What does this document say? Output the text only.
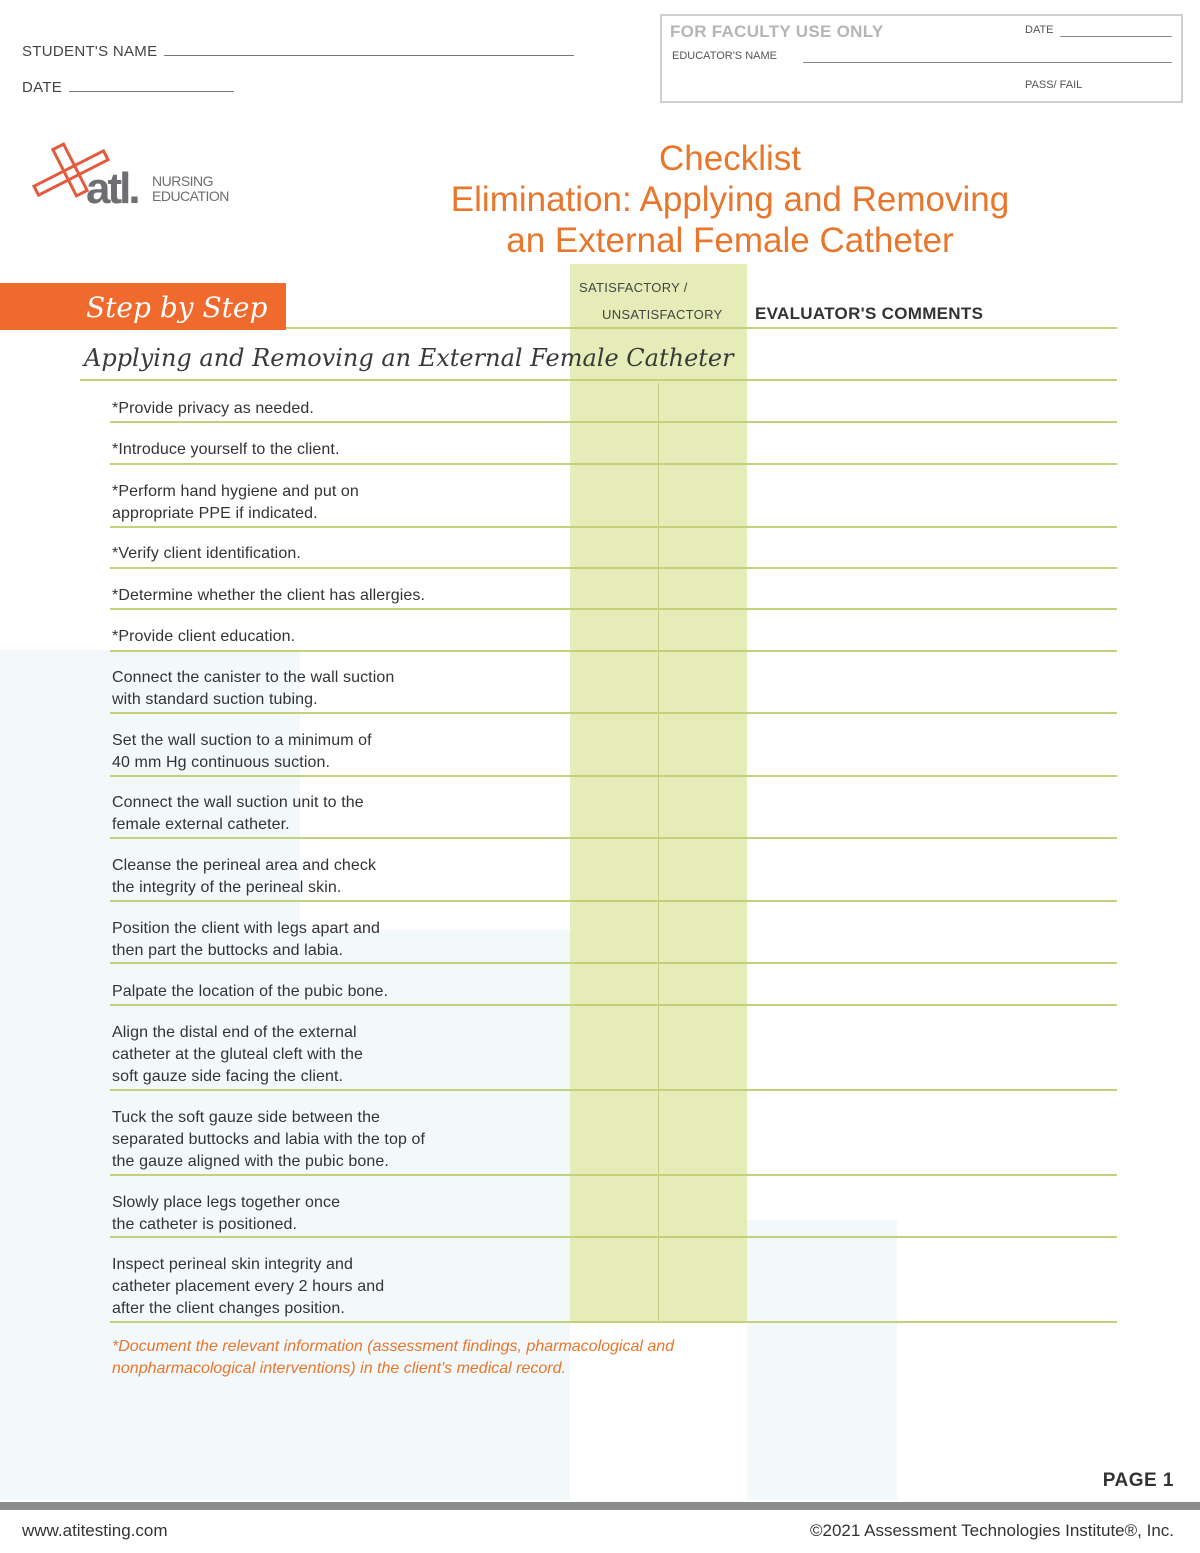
STUDENT'S NAME
DATE
FOR FACULTY USE ONLY	DATE
EDUCATOR'S NAME
PASS/ FAIL
atl. NURSING
EDUCATION
Checklist
Elimination: Applying and Removing
an External Female Catheter
Step by Step
SATISFACTORY /
UNSATISFACTORY EVALUATOR'S COMMENTS
Applying and Removing an External Female Catheter
*Provide privacy as needed.
*Introduce yourself to the client.
*Perform hand hygiene and put on
appropriate PPE if indicated.
*Verify client identification.
*Determine whether the client has allergies.
*Provide client education.
Connect the canister to the wall suction
with standard suction tubing.
Set the wall suction to a minimum of
40 mm Hg continuous suction.
Connect the wall suction unit to the
female external catheter.
Cleanse the perineal area and check
the integrity of the perineal skin.
Position the client with legs apart and
then part the buttocks and labia.
Palpate the location of the pubic bone.
Align the distal end of the external
catheter at the gluteal cleft with the
soft gauze side facing the client.
Tuck the soft gauze side between the
separated buttocks and labia with the top of
the gauze aligned with the pubic bone.
Slowly place legs together once
the catheter is positioned.
Inspect perineal skin integrity and
catheter placement every 2 hours and
after the client changes position.
*Document the relevant information (assessment findings, pharmacological and
nonpharmacological interventions) in the client's medical record.
PAGE 1
www.atitesting.com	©2021 Assessment Technologies Institute®, Inc.
